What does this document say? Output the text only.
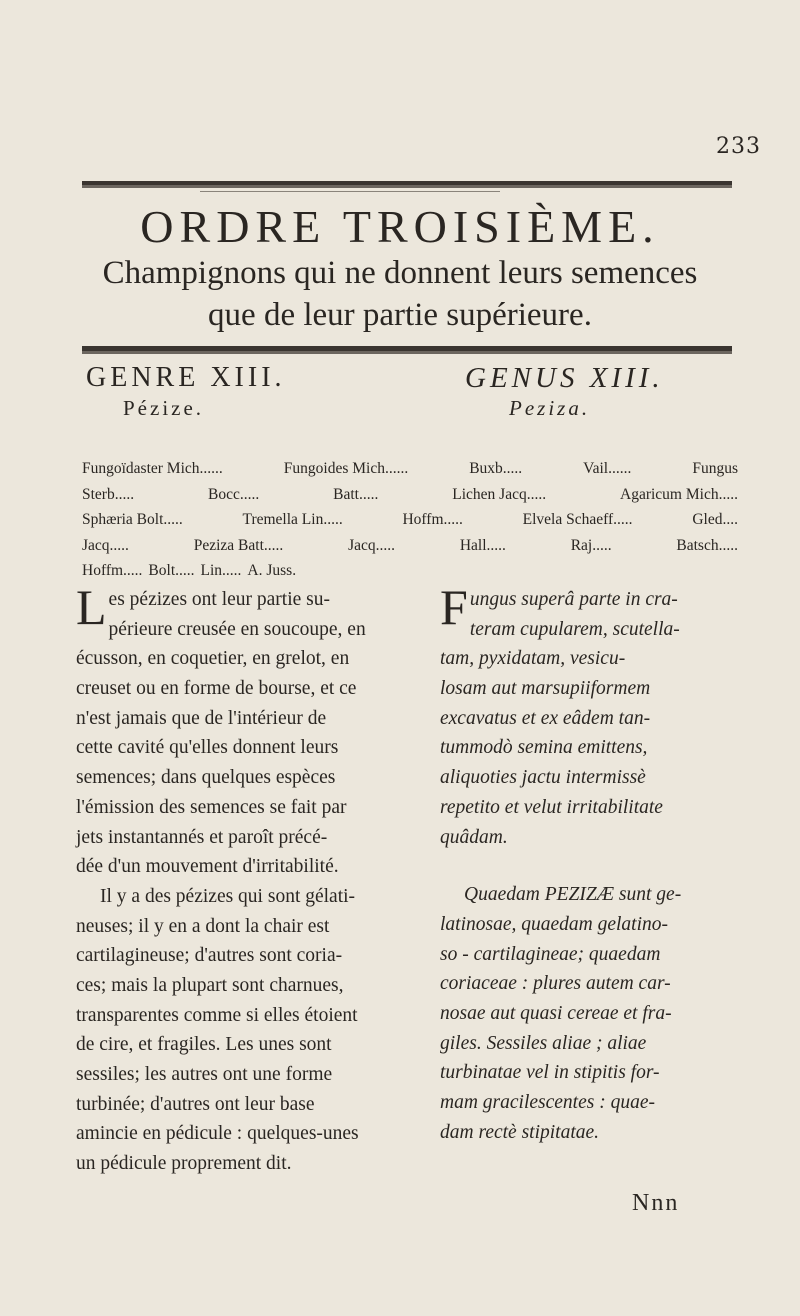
233
ORDRE TROISIÈME.
Champignons qui ne donnent leurs semences
que de leur partie supérieure.
GENRE XIII.	GENUS XIII.
Pézize.	Peziza.
Fungoïdaster Mich......	Fungoides Mich......	Buxb.....	Vail......	Fungus
Sterb.....	Bocc.....	Batt.....	Lichen Jacq.....	Agaricum Mich.....
Sphæria Bolt.....	Tremella Lin.....	Hoffm.....	Elvela Schaeff.....	Gled....
Jacq.....	Peziza Batt.....	Jacq.....	Hall.....	Raj.....	Batsch.....
Hoffm..... Bolt..... Lin..... A. Juss.
Les pézizes ont leur partie su-
périeure creusée en soucoupe, en
écusson, en coquetier, en grelot, en
creuset ou en forme de bourse, et ce
n'est jamais que de l'intérieur de
cette cavité qu'elles donnent leurs
semences; dans quelques espèces
l'émission des semences se fait par
jets instantannés et paroît précé-
dée d'un mouvement d'irritabilité.
Il y a des pézizes qui sont gélati-
neuses; il y en a dont la chair est
cartilagineuse; d'autres sont coria-
ces; mais la plupart sont charnues,
transparentes comme si elles étoient
de cire, et fragiles. Les unes sont
sessiles; les autres ont une forme
turbinée; d'autres ont leur base
amincie en pédicule : quelques-unes
un pédicule proprement dit.
Fungus superâ parte in cra-
teram cupularem, scutella-
tam, pyxidatam, vesicu-
losam aut marsupiiformem
excavatus et ex eâdem tan-
tummodò semina emittens,
aliquoties jactu intermissè
repetito et velut irritabilitate
quâdam.
Quaedam PEZIZÆ sunt ge-
latinosae, quaedam gelatino-
so - cartilagineae; quaedam
coriaceae : plures autem car-
nosae aut quasi cereae et fra-
giles. Sessiles aliae ; aliae
turbinatae vel in stipitis for-
mam gracilescentes : quae-
dam rectè stipitatae.
Nnn
